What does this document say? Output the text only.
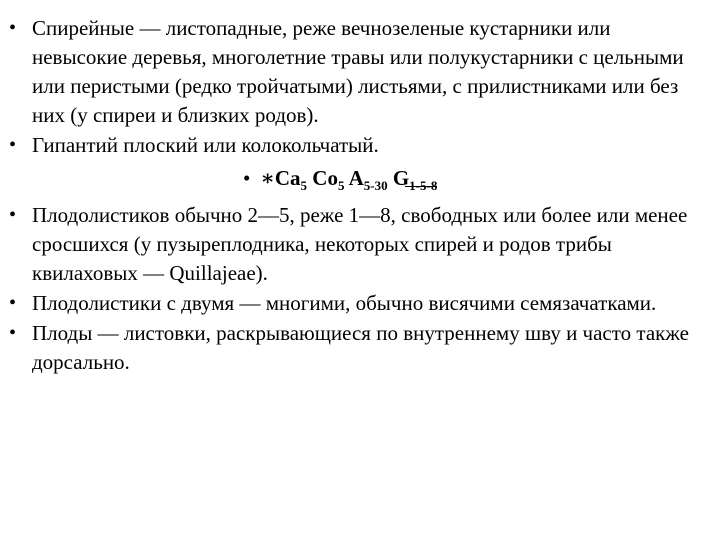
• Спирейные — листопадные, реже вечнозеленые кустарники или невысокие деревья, многолетние травы или полукустарники с цельными или перистыми (редко тройчатыми) листьями, с прилистниками или без них (у спиреи и близких родов).
• Гипантий плоский или колокольчатый.
• $∗Ca_5$ $Co_5$ $A_{5-30}$ $G_{1-5-8}$
• Плодолистиков обычно 2—5, реже 1—8, свободных или более или менее сросшихся (у пузыреплодника, некоторых спирей и родов трибы квилаховых — Quillajeae).
• Плодолистики с двумя — многими, обычно висячими семязачатками.
• Плоды — листовки, раскрывающиеся по внутреннему шву и часто также дорсально.
